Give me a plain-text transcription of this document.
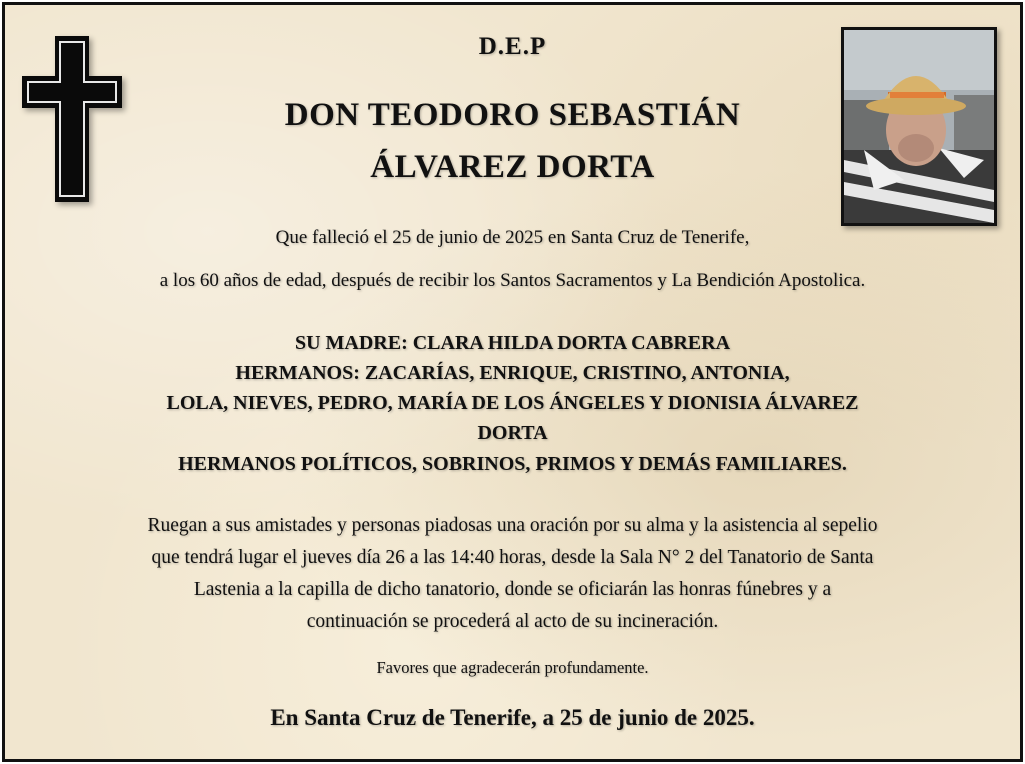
D.E.P
DON TEODORO SEBASTIÁN
ÁLVAREZ DORTA
Que falleció el 25 de junio de 2025 en Santa Cruz de Tenerife,
a los 60 años de edad, después de recibir los Santos Sacramentos y La Bendición Apostolica.
SU MADRE: CLARA HILDA DORTA CABRERA
HERMANOS: ZACARÍAS, ENRIQUE, CRISTINO, ANTONIA,
LOLA, NIEVES, PEDRO, MARÍA DE LOS ÁNGELES Y DIONISIA ÁLVAREZ
DORTA
HERMANOS POLÍTICOS, SOBRINOS, PRIMOS Y DEMÁS FAMILIARES.
Ruegan a sus amistades y personas piadosas una oración por su alma y la asistencia al sepelio
que tendrá lugar el jueves día 26 a las 14:40 horas, desde la Sala N° 2 del Tanatorio de Santa
Lastenia a la capilla de dicho tanatorio, donde se oficiarán las honras fúnebres y a
continuación se procederá al acto de su incineración.
Favores que agradecerán profundamente.
En Santa Cruz de Tenerife, a 25 de junio de 2025.
